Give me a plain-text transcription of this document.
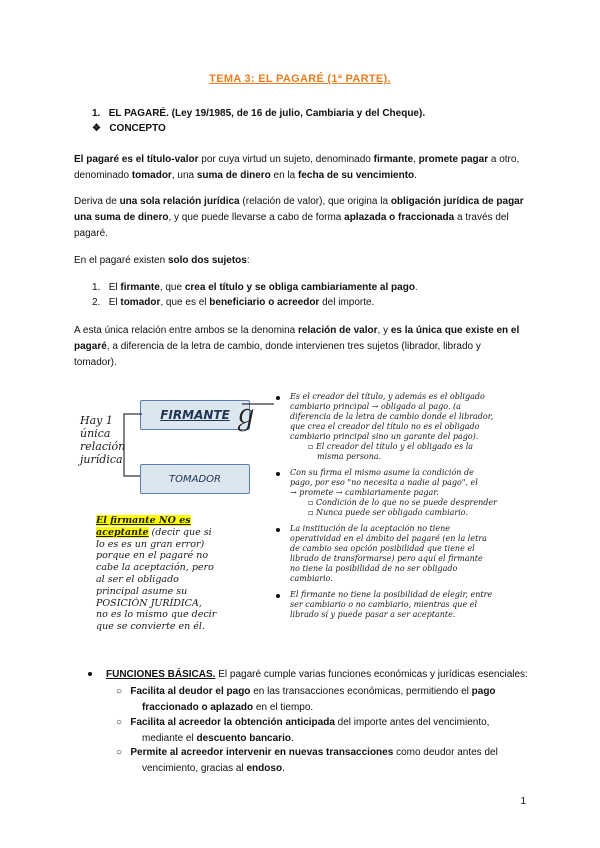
TEMA 3: EL PAGARÉ (1ª PARTE).
1. EL PAGARÉ. (Ley 19/1985, de 16 de julio, Cambiaria y del Cheque).
❖ CONCEPTO
El pagaré es el título-valor por cuya virtud un sujeto, denominado firmante, promete pagar a otro,
denominado tomador, una suma de dinero en la fecha de su vencimiento.
Deriva de una sola relación jurídica (relación de valor), que origina la obligación jurídica de pagar
una suma de dinero, y que puede llevarse a cabo de forma aplazada o fraccionada a través del
pagaré.
En el pagaré existen solo dos sujetos:
1. El firmante, que crea el título y se obliga cambiariamente al pago.
2. El tomador, que es el beneficiario o acreedor del importe.
A esta única relación entre ambos se la denomina relación de valor, y es la única que existe en el
pagaré, a diferencia de la letra de cambio, donde intervienen tres sujetos (librador, librado y
tomador).
Hay 1
única
relación
jurídica
FIRMANTE ℊ
TOMADOR
El firmante NO es
aceptante (decir que si
lo es es un gran error)
porque en el pagaré no
cabe la aceptación, pero
al ser el obligado
principal asume su
POSICIÓN JURÍDICA,
no es lo mismo que decir
que se convierte en él.
Es el creador del título, y además es el obligado
cambiario principal → obligado al pago. (a
diferencia de la letra de cambio donde el librador,
que crea el creador del título no es el obligado
cambiario principal sino un garante del pago).
▫ El creador del título y el obligado es la
misma persona.
Con su firma el mismo asume la condición de
pago, por eso "no necesita a nadie al pago", el
→ promete → cambiariamente pagar.
▫ Condición de lo que no se puede desprender
▫ Nunca puede ser obligado cambiario.
La institución de la aceptación no tiene
operatividad en el ámbito del pagaré (en la letra
de cambio sea opción posibilidad que tiene el
librado de transformarse) pero aquí el firmante
no tiene la posibilidad de no ser obligado
cambiario.
El firmante no tiene la posibilidad de elegir, entre
ser cambiario o no cambiario, mientras que el
librado sí y puede pasar a ser aceptante.
FUNCIONES BÁSICAS. El pagaré cumple varias funciones económicas y jurídicas esenciales:
○ Facilita al deudor el pago en las transacciones económicas, permitiendo el pago
fraccionado o aplazado en el tiempo.
○ Facilita al acreedor la obtención anticipada del importe antes del vencimiento,
mediante el descuento bancario.
○ Permite al acreedor intervenir en nuevas transacciones como deudor antes del
vencimiento, gracias al endoso.
1
